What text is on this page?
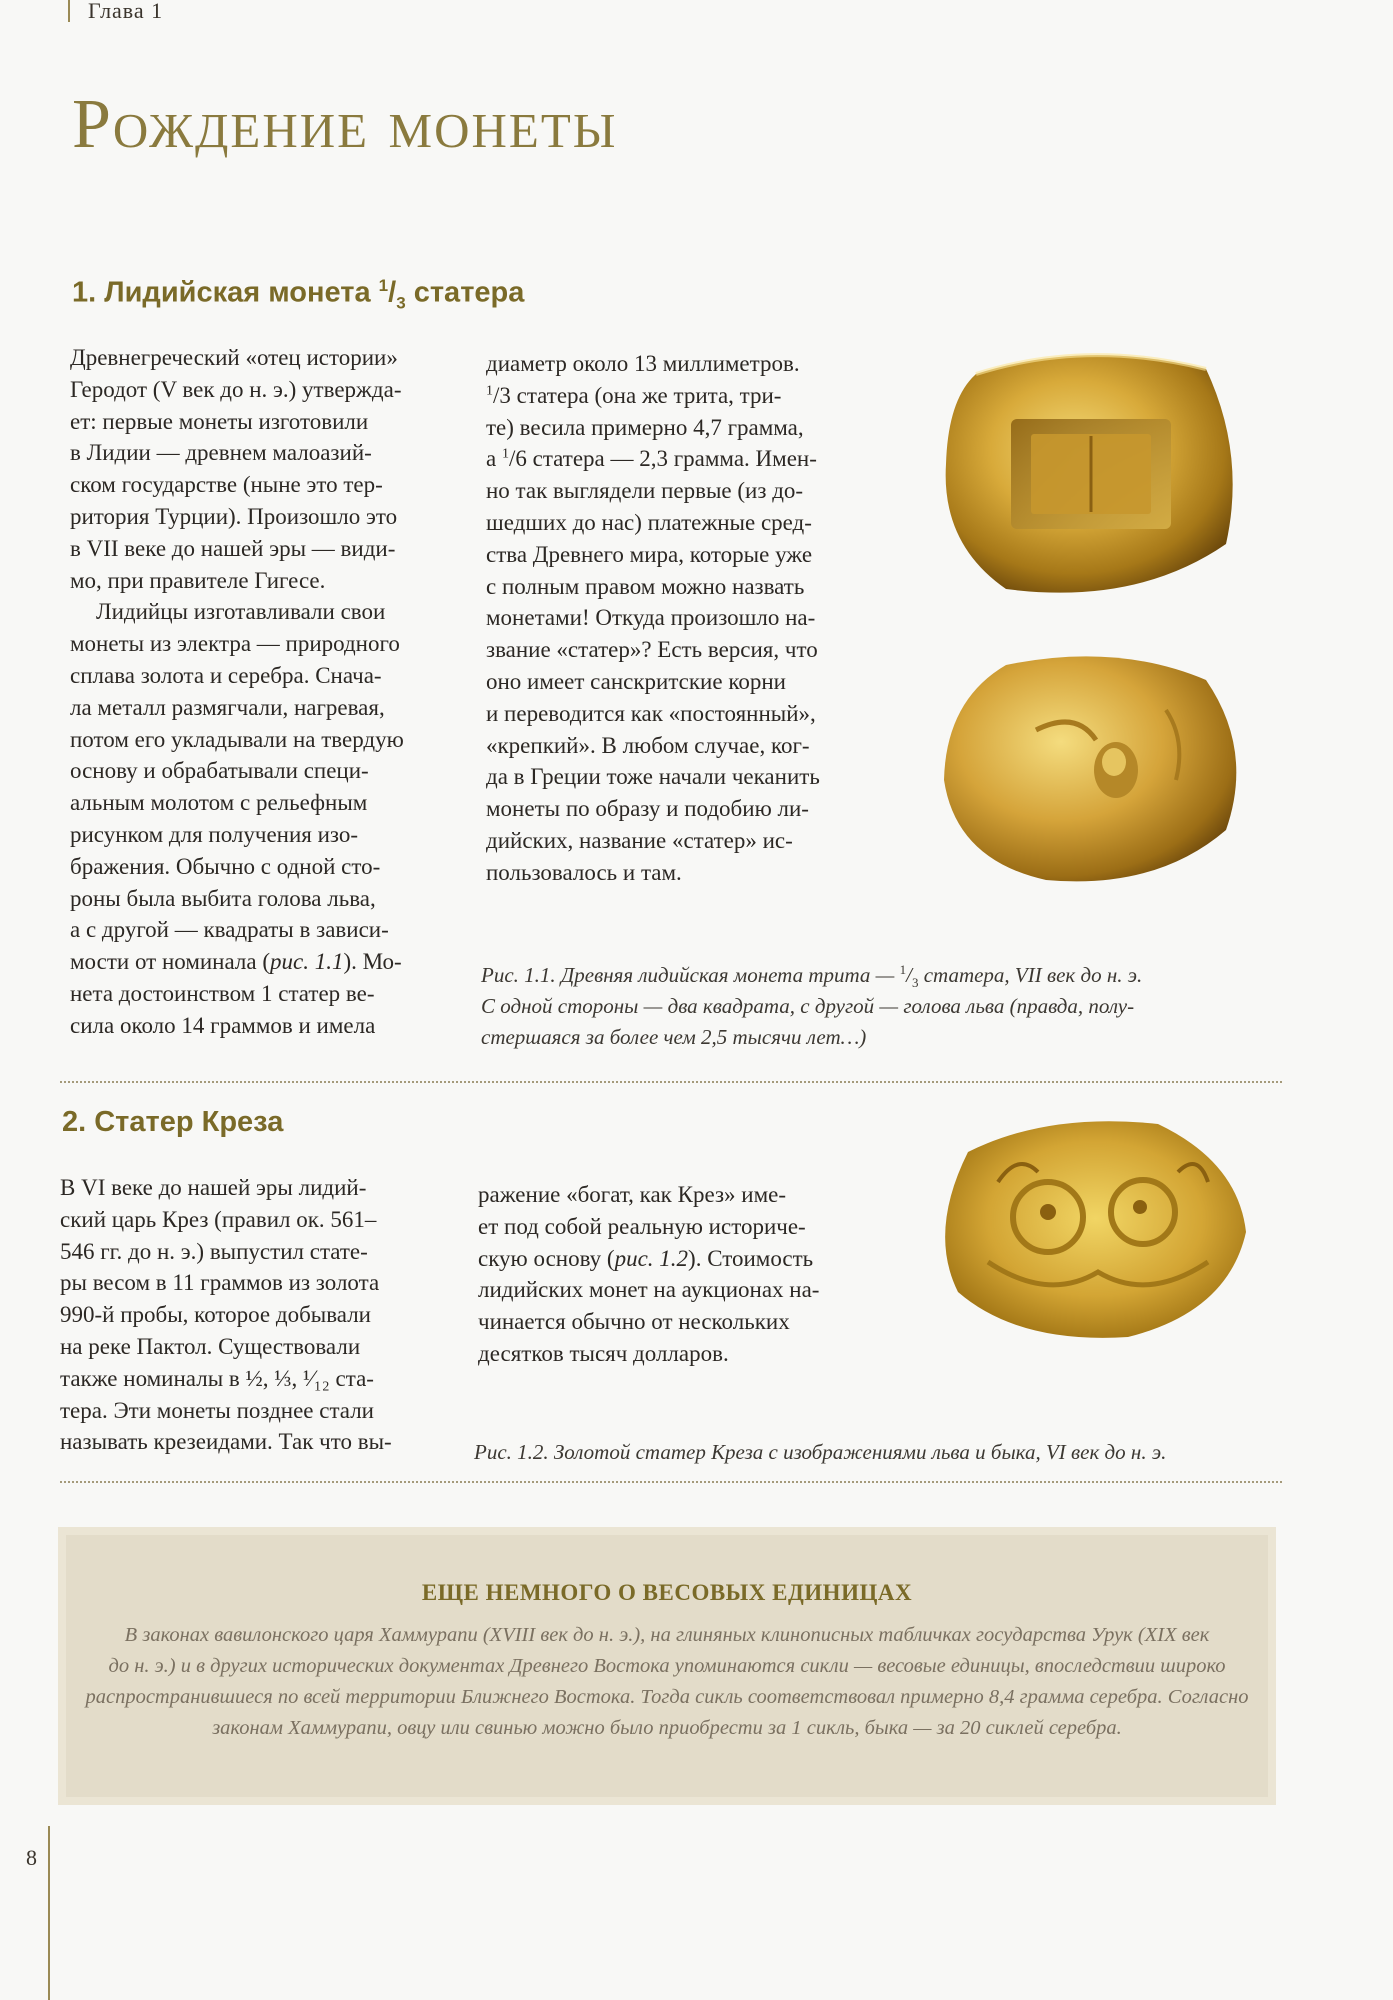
Глава 1
Рождение монеты
1. Лидийская монета $^1/_3$ статера

Древнегреческий «отец истории»
Геродот (V век до н. э.) утвержда-
ет: первые монеты изготовили
в Лидии — древнем малоазий-
ском государстве (ныне это тер-
ритория Турции). Произошло это
в VII веке до нашей эры — види-
мо, при правителе Гигесе.

Лидийцы изготавливали свои
монеты из электра — природного
сплава золота и серебра. Снача-
ла металл размягчали, нагревая,
потом его укладывали на твердую
основу и обрабатывали специ-
альным молотом с рельефным
рисунком для получения изо-
бражения. Обычно с одной сто-
роны была выбита голова льва,
а с другой — квадраты в зависи-
мости от номинала (рис. 1.1). Мо-
нета достоинством 1 статер ве-
сила около 14 граммов и имела

диаметр около 13 миллиметров.
$^1$/3 статера (она же трита, три-
те) весила примерно 4,7 грамма,
а $^1$/6 статера — 2,3 грамма. Имен-
но так выглядели первые (из до-
шедших до нас) платежные сред-
ства Древнего мира, которые уже
с полным правом можно назвать
монетами! Откуда произошло на-
звание «статер»? Есть версия, что
оно имеет санскритские корни
и переводится как «постоянный»,
«крепкий». В любом случае, ког-
да в Греции тоже начали чеканить
монеты по образу и подобию ли-
дийских, название «статер» ис-
пользовалось и там.
Рис. 1.1. Древняя лидийская монета трита — $^1/_3$ статера, VII век до н. э.
С одной стороны — два квадрата, с другой — голова льва (правда, полу-
стершаяся за более чем 2,5 тысячи лет…)
2. Статер Креза
В VI веке до нашей эры лидий-
ский царь Крез (правил ок. 561–
546 гг. до н. э.) выпустил стате-
ры весом в 11 граммов из золота
990-й пробы, которое добывали
на реке Пактол. Существовали
также номиналы в ½, ⅓, ¹⁄₁₂ ста-
тера. Эти монеты позднее стали
называть крезеидами. Так что вы-
ражение «богат, как Крез» име-
ет под собой реальную историче-
скую основу (рис. 1.2). Стоимость
лидийских монет на аукционах на-
чинается обычно от нескольких
десятков тысяч долларов.
Рис. 1.2. Золотой статер Креза с изображениями льва и быка, VI век до н. э.
ЕЩЕ НЕМНОГО О ВЕСОВЫХ ЕДИНИЦАХ
В законах вавилонского царя Хаммурапи (XVIII век до н. э.), на глиняных клинописных табличках государства Урук (XIX век
до н. э.) и в других исторических документах Древнего Востока упоминаются сикли — весовые единицы, впоследствии широко
распространившиеся по всей территории Ближнего Востока. Тогда сикль соответствовал примерно 8,4 грамма серебра. Согласно
законам Хаммурапи, овцу или свинью можно было приобрести за 1 сикль, быка — за 20 сиклей серебра.
8
